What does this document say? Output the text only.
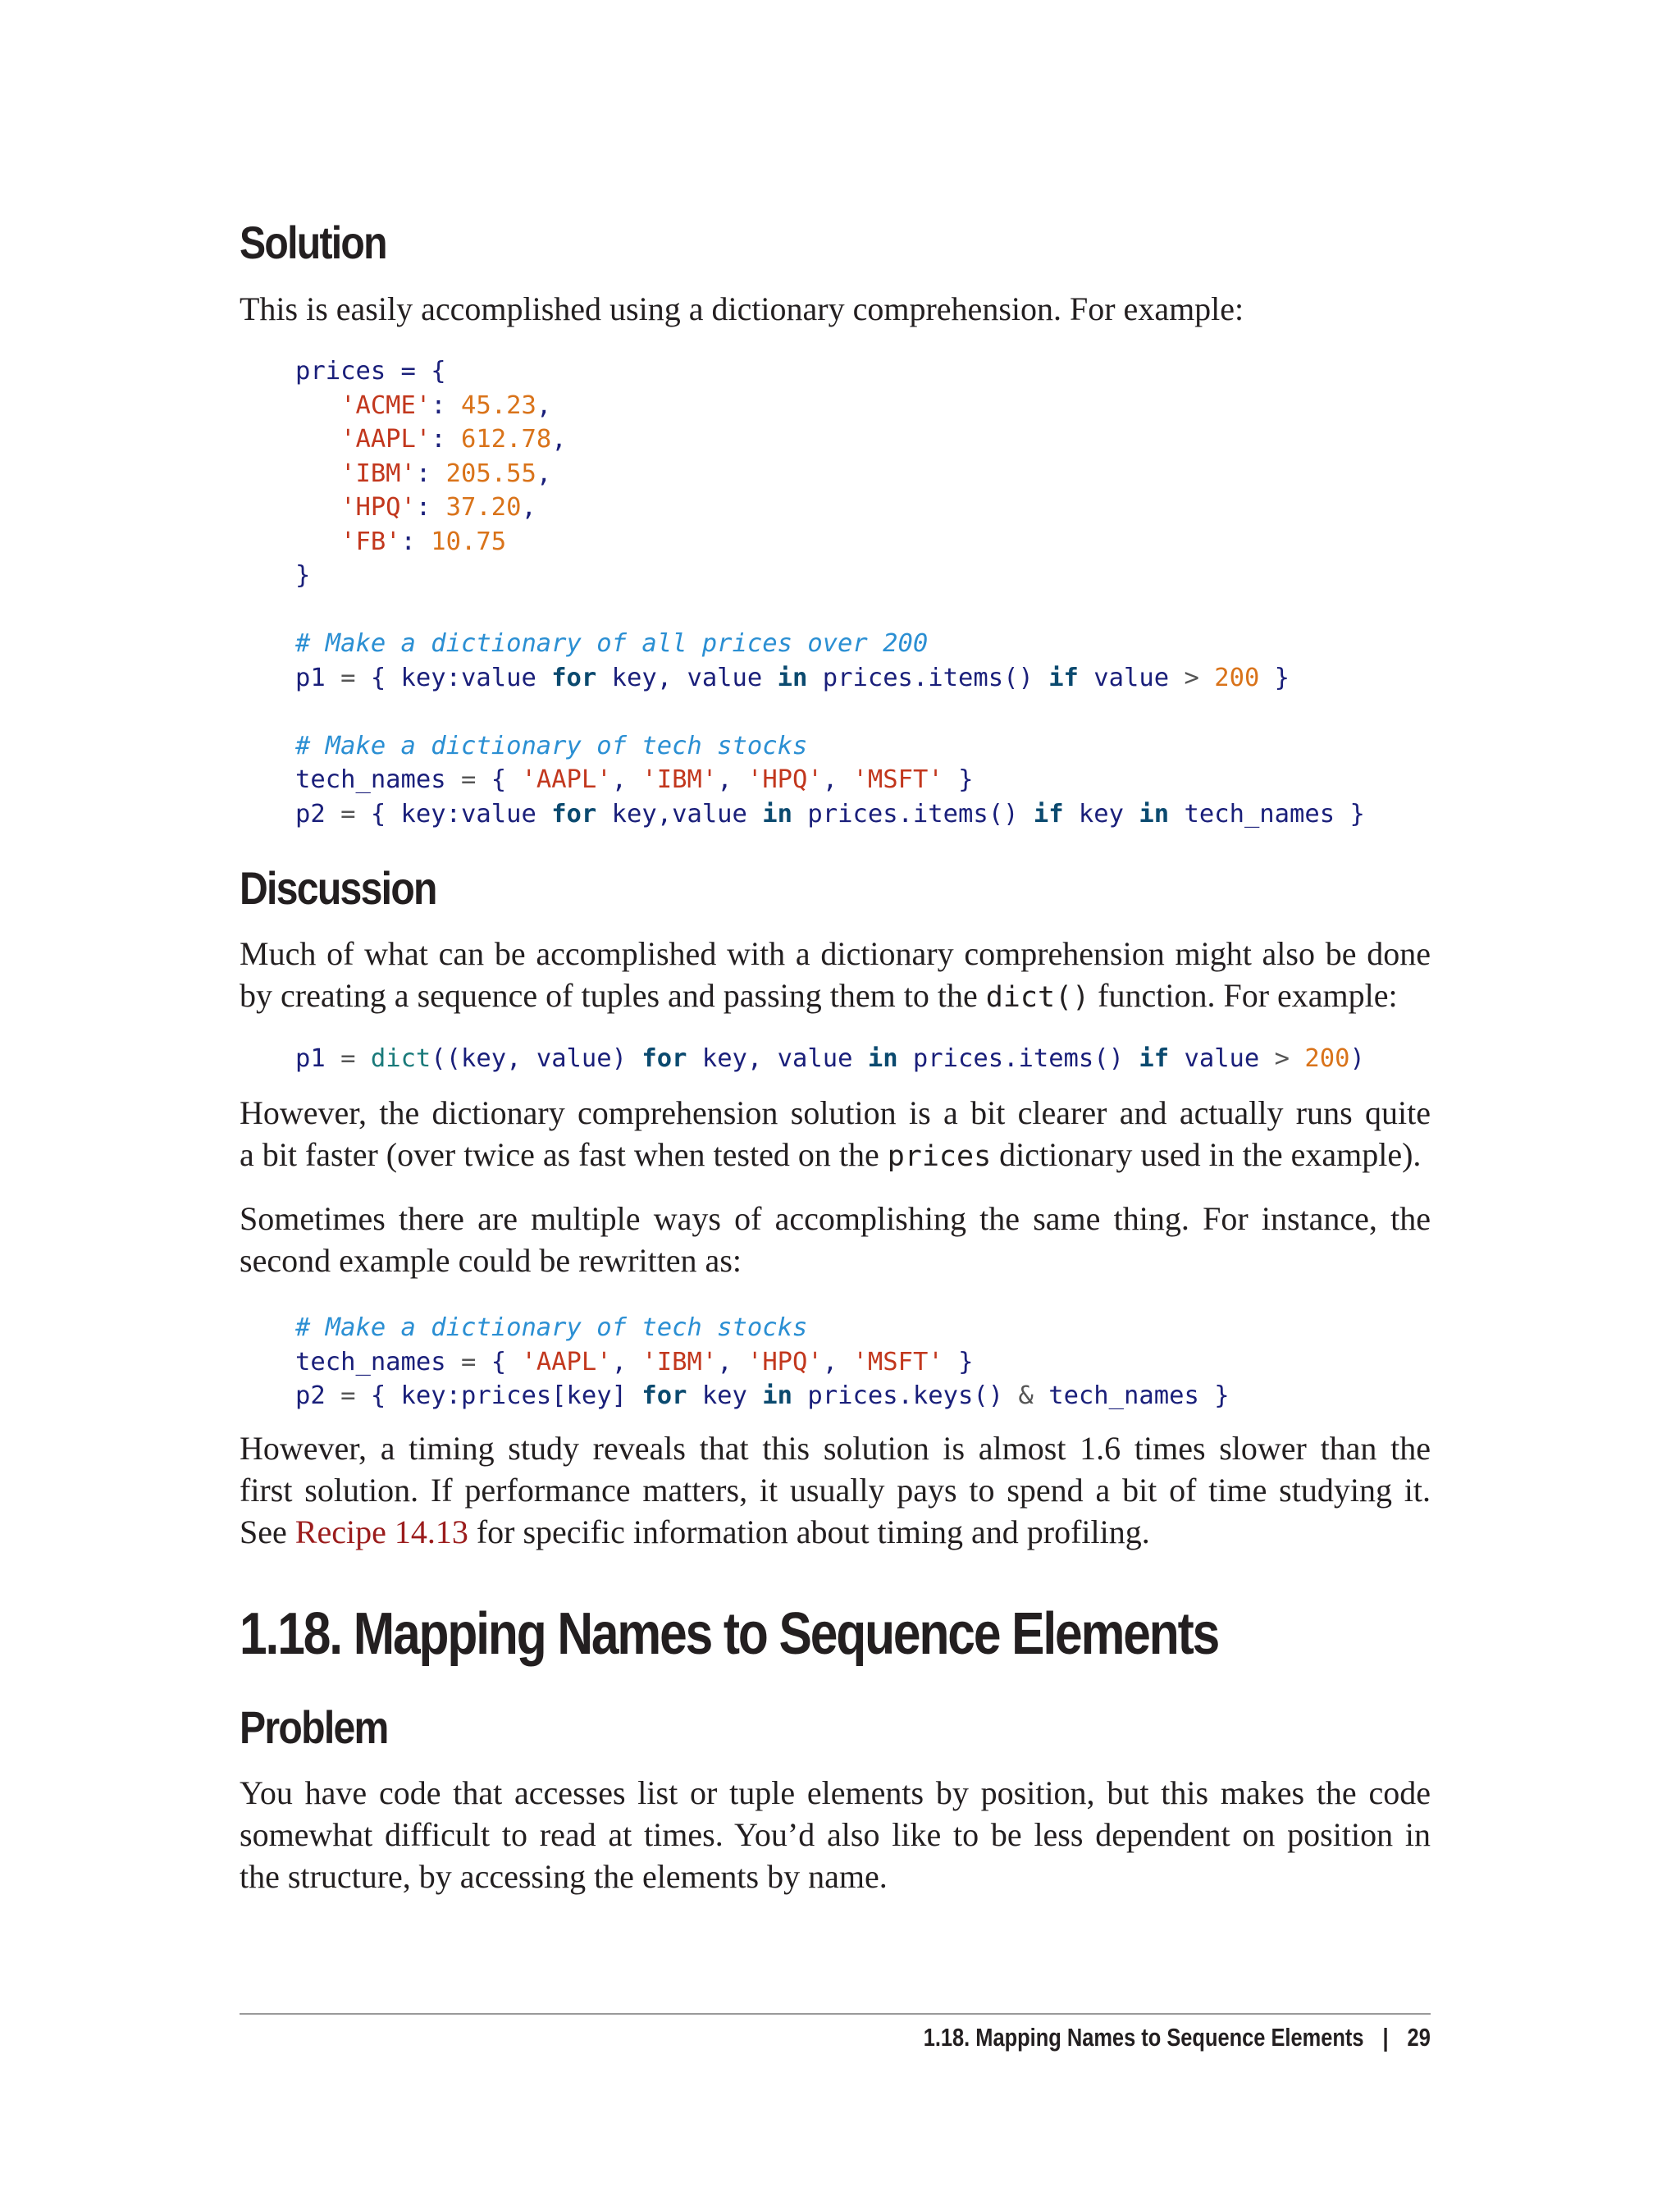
Solution

This is easily accomplished using a dictionary comprehension. For example:

prices = {
'ACME': 45.23,
'AAPL': 612.78,
'IBM': 205.55,
'HPQ': 37.20,
'FB': 10.75
}

# Make a dictionary of all prices over 200
p1 = { key:value for key, value in prices.items() if value > 200 }

# Make a dictionary of tech stocks
tech_names = { 'AAPL', 'IBM', 'HPQ', 'MSFT' }
p2 = { key:value for key,value in prices.items() if key in tech_names }
Discussion

Much of what can be accomplished with a dictionary comprehension might also be done
by creating a sequence of tuples and passing them to the dict() function. For example:

p1 = dict((key, value) for key, value in prices.items() if value > 200)

However, the dictionary comprehension solution is a bit clearer and actually runs quite
a bit faster (over twice as fast when tested on the prices dictionary used in the example).

Sometimes there are multiple ways of accomplishing the same thing. For instance, the
second example could be rewritten as:

# Make a dictionary of tech stocks
tech_names = { 'AAPL', 'IBM', 'HPQ', 'MSFT' }
p2 = { key:prices[key] for key in prices.keys() & tech_names }

However, a timing study reveals that this solution is almost 1.6 times slower than the
first solution. If performance matters, it usually pays to spend a bit of time studying it.
See Recipe 14.13 for specific information about timing and profiling.

1.18. Mapping Names to Sequence Elements
Problem

You have code that accesses list or tuple elements by position, but this makes the code
somewhat difficult to read at times. You’d also like to be less dependent on position in
the structure, by accessing the elements by name.

1.18. Mapping Names to Sequence Elements | 29
